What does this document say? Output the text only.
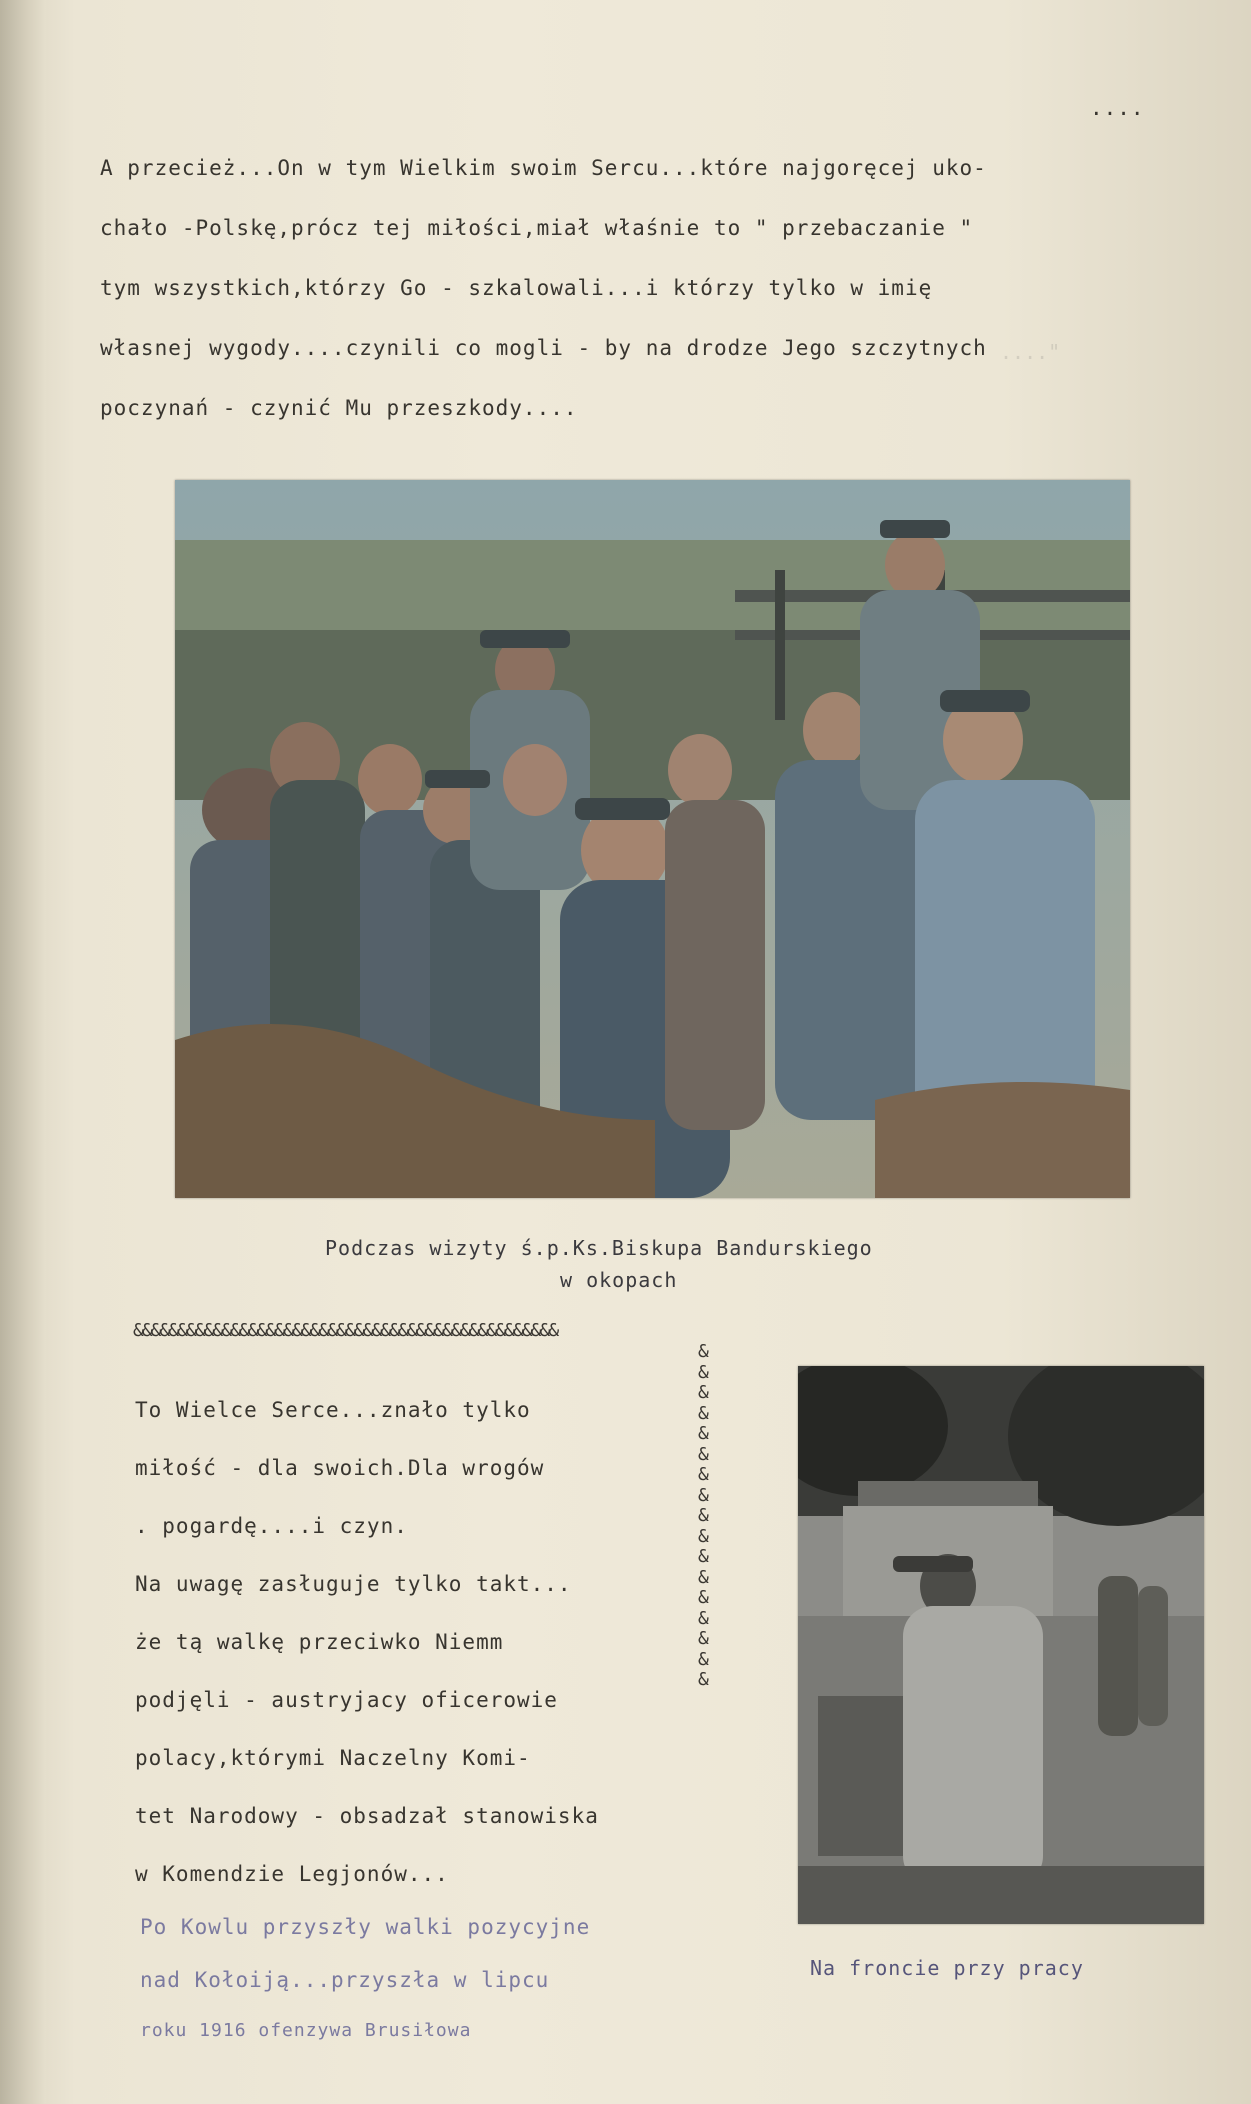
...."
....
A przecież...On w tym Wielkim swoim Sercu...które najgoręcej uko-
chało -Polskę,prócz tej miłości,miał właśnie to " przebaczanie "
tym wszystkich,którzy Go - szkalowali...i którzy tylko w imię
własnej wygody....czynili co mogli - by na drodze Jego szczytnych
poczynań - czynić Mu przeszkody....
Podczas wizyty ś.p.Ks.Biskupa Bandurskiego
w okopach
&&&&&&&&&&&&&&&&&&&&&&&&&&&&&&&&&&&&&&&&&&&&&&&&
&
&
&
&
&
&
&
&
&
&
&
&
&
&
&
&
&
To Wielce Serce...znało tylko
miłość - dla swoich.Dla wrogów
. pogardę....i czyn.
Na uwagę zasługuje tylko takt...
że tą walkę przeciwko Niemm
podjęli - austryjacy oficerowie
polacy,którymi Naczelny Komi-
tet Narodowy - obsadzał stanowiska
w Komendzie Legjonów...
Po Kowlu przyszły walki pozycyjne
nad Kołoiją...przyszła w lipcu
roku 1916 ofenzywa Brusiłowa
Na froncie przy pracy
